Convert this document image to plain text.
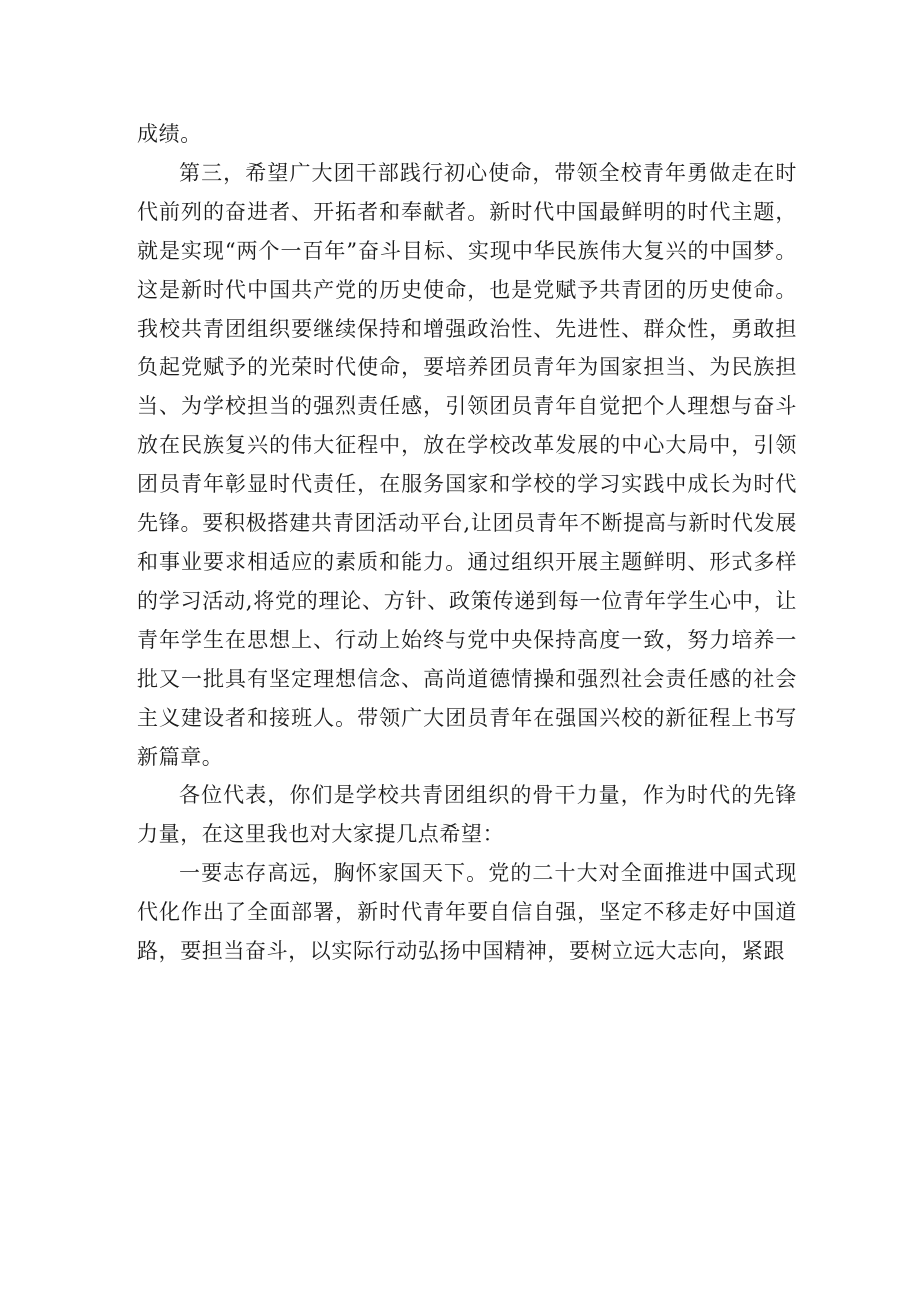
成绩。

第三，希望广大团干部践行初心使命，带领全校青年勇做走在时代前列的奋进者、开拓者和奉献者。新时代中国最鲜明的时代主题，就是实现“两个一百年”奋斗目标、实现中华民族伟大复兴的中国梦。这是新时代中国共产党的历史使命，也是党赋予共青团的历史使命。我校共青团组织要继续保持和增强政治性、先进性、群众性，勇敢担负起党赋予的光荣时代使命，要培养团员青年为国家担当、为民族担当、为学校担当的强烈责任感，引领团员青年自觉把个人理想与奋斗放在民族复兴的伟大征程中，放在学校改革发展的中心大局中，引领团员青年彰显时代责任，在服务国家和学校的学习实践中成长为时代先锋。要积极搭建共青团活动平台,让团员青年不断提高与新时代发展和事业要求相适应的素质和能力。通过组织开展主题鲜明、形式多样的学习活动,将党的理论、方针、政策传递到每一位青年学生心中，让青年学生在思想上、行动上始终与党中央保持高度一致，努力培养一批又一批具有坚定理想信念、高尚道德情操和强烈社会责任感的社会主义建设者和接班人。带领广大团员青年在强国兴校的新征程上书写新篇章。

各位代表，你们是学校共青团组织的骨干力量，作为时代的先锋力量，在这里我也对大家提几点希望：

一要志存高远，胸怀家国天下。党的二十大对全面推进中国式现代化作出了全面部署，新时代青年要自信自强，坚定不移走好中国道路，要担当奋斗，以实际行动弘扬中国精神，要树立远大志向，紧跟
